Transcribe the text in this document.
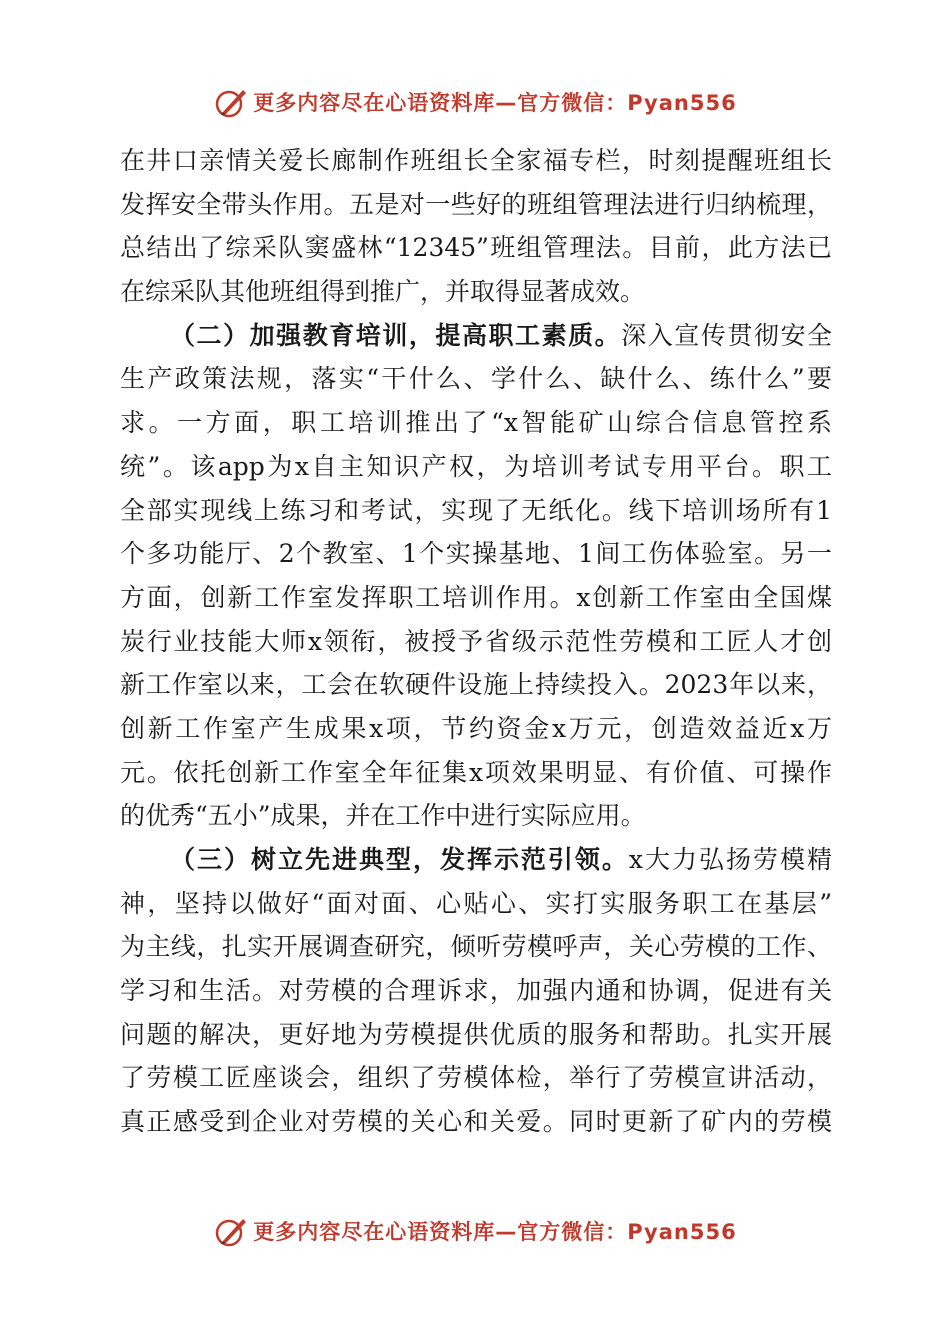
更多内容尽在心语资料库—官方微信：Pyan556
在井口亲情关爱长廊制作班组长全家福专栏，时刻提醒班组长
发挥安全带头作用。五是对一些好的班组管理法进行归纳梳理，
总结出了综采队窦盛林“12345”班组管理法。目前，此方法已
在综采队其他班组得到推广，并取得显著成效。
（二）加强教育培训，提高职工素质。深入宣传贯彻安全
生产政策法规，落实“干什么、学什么、缺什么、练什么”要
求。一方面，职工培训推出了“x智能矿山综合信息管控系
统”。该app为x自主知识产权，为培训考试专用平台。职工
全部实现线上练习和考试，实现了无纸化。线下培训场所有1
个多功能厅、2个教室、1个实操基地、1间工伤体验室。另一
方面，创新工作室发挥职工培训作用。x创新工作室由全国煤
炭行业技能大师x领衔，被授予省级示范性劳模和工匠人才创
新工作室以来，工会在软硬件设施上持续投入。2023年以来，
创新工作室产生成果x项，节约资金x万元，创造效益近x万
元。依托创新工作室全年征集x项效果明显、有价值、可操作
的优秀“五小”成果，并在工作中进行实际应用。
（三）树立先进典型，发挥示范引领。x大力弘扬劳模精
神，坚持以做好“面对面、心贴心、实打实服务职工在基层”
为主线，扎实开展调查研究，倾听劳模呼声，关心劳模的工作、
学习和生活。对劳模的合理诉求，加强内通和协调，促进有关
问题的解决，更好地为劳模提供优质的服务和帮助。扎实开展
了劳模工匠座谈会，组织了劳模体检，举行了劳模宣讲活动，
真正感受到企业对劳模的关心和关爱。同时更新了矿内的劳模
更多内容尽在心语资料库—官方微信：Pyan556
